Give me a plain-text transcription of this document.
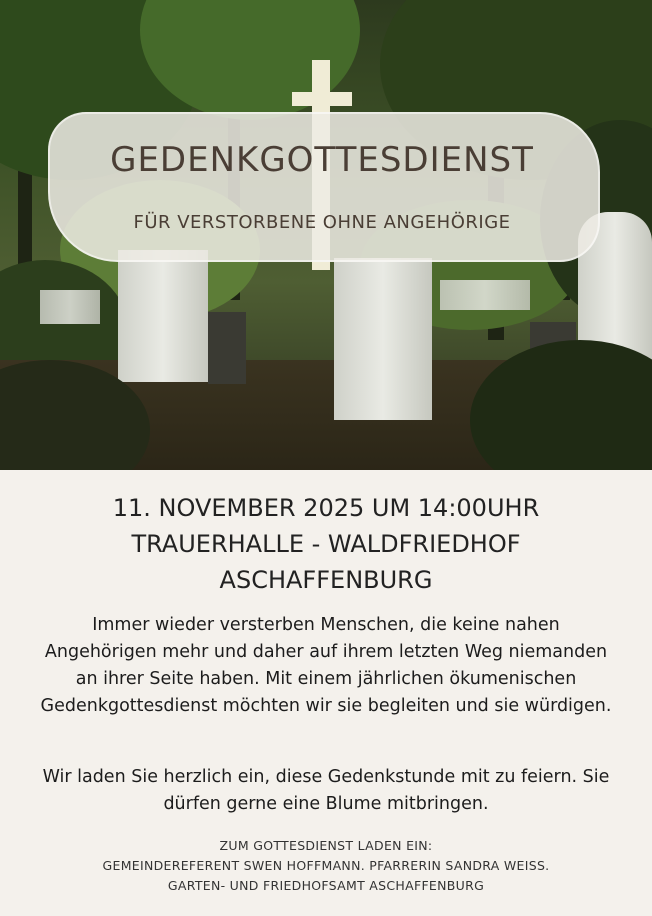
GEDENKGOTTESDIENST
FÜR VERSTORBENE OHNE ANGEHÖRIGE
11. NOVEMBER 2025 UM 14:00UHR
TRAUERHALLE - WALDFRIEDHOF
ASCHAFFENBURG
Immer wieder versterben Menschen, die keine nahen Angehörigen mehr und daher auf ihrem letzten Weg niemanden an ihrer Seite haben. Mit einem jährlichen ökumenischen Gedenkgottesdienst möchten wir sie begleiten und sie würdigen.
Wir laden Sie herzlich ein, diese Gedenkstunde mit zu feiern. Sie dürfen gerne eine Blume mitbringen.
ZUM GOTTESDIENST LADEN EIN:
GEMEINDEREFERENT SWEN HOFFMANN. PFARRERIN SANDRA WEISS.
GARTEN- UND FRIEDHOFSAMT ASCHAFFENBURG
